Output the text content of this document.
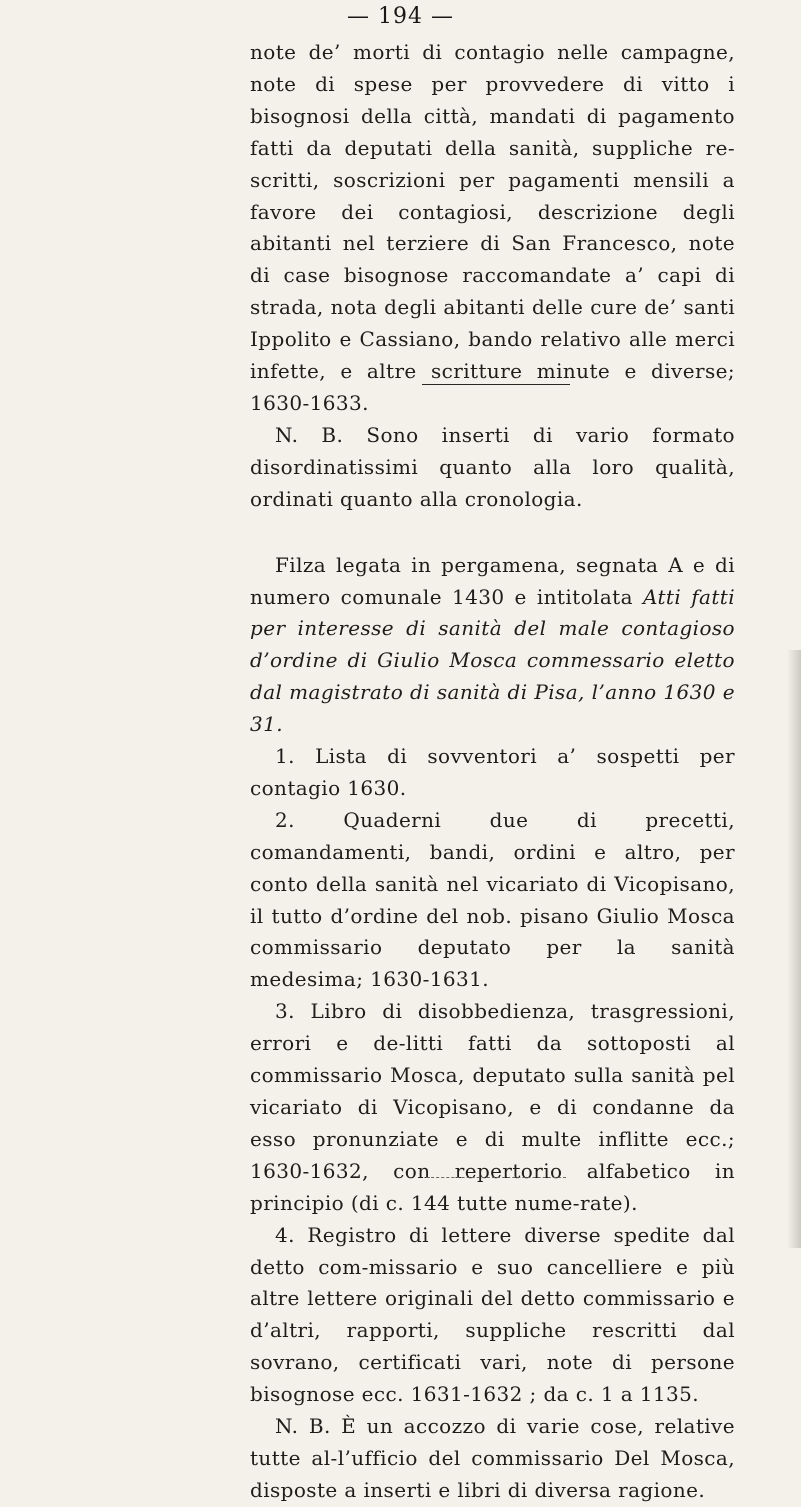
— 194 —

note de’ morti di contagio nelle campagne, note di spese per provvedere di vitto i bisognosi della città, mandati di pagamento fatti da deputati della sanità, suppliche re-scritti, soscrizioni per pagamenti mensili a favore dei contagiosi, descrizione degli abitanti nel terziere di San Francesco, note di case bisognose raccomandate a’ capi di strada, nota degli abitanti delle cure de’ santi Ippolito e Cassiano, bando relativo alle merci infette, e altre scritture minute e diverse; 1630-1633.

N. B. Sono inserti di vario formato disordinatissimi quanto alla loro qualità, ordinati quanto alla cronologia.

Filza legata in pergamena, segnata A e di numero comunale 1430 e intitolata Atti fatti per interesse di sanità del male contagioso d’ordine di Giulio Mosca commessario eletto dal magistrato di sanità di Pisa, l’anno 1630 e 31.

1. Lista di sovventori a’ sospetti per contagio 1630.

2. Quaderni due di precetti, comandamenti, bandi, ordini e altro, per conto della sanità nel vicariato di Vicopisano, il tutto d’ordine del nob. pisano Giulio Mosca commissario deputato per la sanità medesima; 1630-1631.

3. Libro di disobbedienza, trasgressioni, errori e de-litti fatti da sottoposti al commissario Mosca, deputato sulla sanità pel vicariato di Vicopisano, e di condanne da esso pronunziate e di multe inflitte ecc.; 1630-1632, con repertorio alfabetico in principio (di c. 144 tutte nume-rate).

4. Registro di lettere diverse spedite dal detto com-missario e suo cancelliere e più altre lettere originali del detto commissario e d’altri, rapporti, suppliche rescritti dal sovrano, certificati vari, note di persone bisognose ecc. 1631-1632 ; da c. 1 a 1135.

N. B. È un accozzo di varie cose, relative tutte al-l’ufficio del commissario Del Mosca, disposte a inserti e libri di diversa ragione.
